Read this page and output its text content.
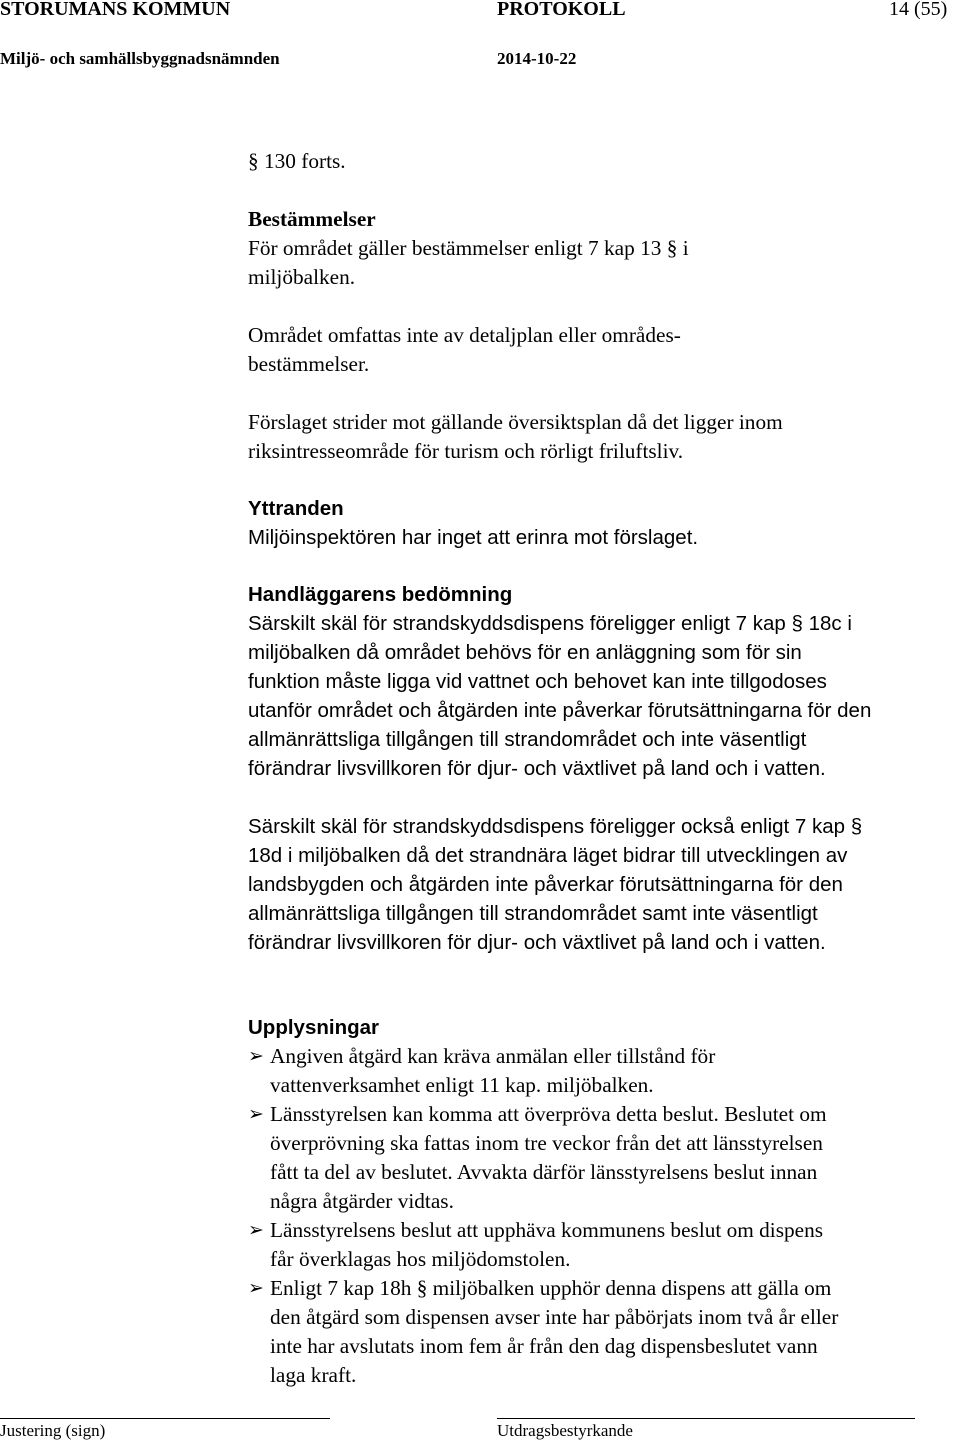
STORUMANS KOMMUN	PROTOKOLL	14 (55)
Miljö- och samhällsbyggnadsnämnden	2014-10-22
§ 130 forts.
Bestämmelser
För området gäller bestämmelser enligt 7 kap 13 § i
miljöbalken.
Området omfattas inte av detaljplan eller områdes-
bestämmelser.
Förslaget strider mot gällande översiktsplan då det ligger inom
riksintresseområde för turism och rörligt friluftsliv.
Yttranden
Miljöinspektören har inget att erinra mot förslaget.
Handläggarens bedömning
Särskilt skäl för strandskyddsdispens föreligger enligt 7 kap § 18c i
miljöbalken då området behövs för en anläggning som för sin
funktion måste ligga vid vattnet och behovet kan inte tillgodoses
utanför området och åtgärden inte påverkar förutsättningarna för den
allmänrättsliga tillgången till strandområdet och inte väsentligt
förändrar livsvillkoren för djur- och växtlivet på land och i vatten.
Särskilt skäl för strandskyddsdispens föreligger också enligt 7 kap §
18d i miljöbalken då det strandnära läget bidrar till utvecklingen av
landsbygden och åtgärden inte påverkar förutsättningarna för den
allmänrättsliga tillgången till strandområdet samt inte väsentligt
förändrar livsvillkoren för djur- och växtlivet på land och i vatten.
Upplysningar
➢ Angiven åtgärd kan kräva anmälan eller tillstånd för
vattenverksamhet enligt 11 kap. miljöbalken.
➢ Länsstyrelsen kan komma att överpröva detta beslut. Beslutet om
överprövning ska fattas inom tre veckor från det att länsstyrelsen
fått ta del av beslutet. Avvakta därför länsstyrelsens beslut innan
några åtgärder vidtas.
➢ Länsstyrelsens beslut att upphäva kommunens beslut om dispens
får överklagas hos miljödomstolen.
➢ Enligt 7 kap 18h § miljöbalken upphör denna dispens att gälla om
den åtgärd som dispensen avser inte har påbörjats inom två år eller
inte har avslutats inom fem år från den dag dispensbeslutet vann
laga kraft.
Justering (sign)	Utdragsbestyrkande
